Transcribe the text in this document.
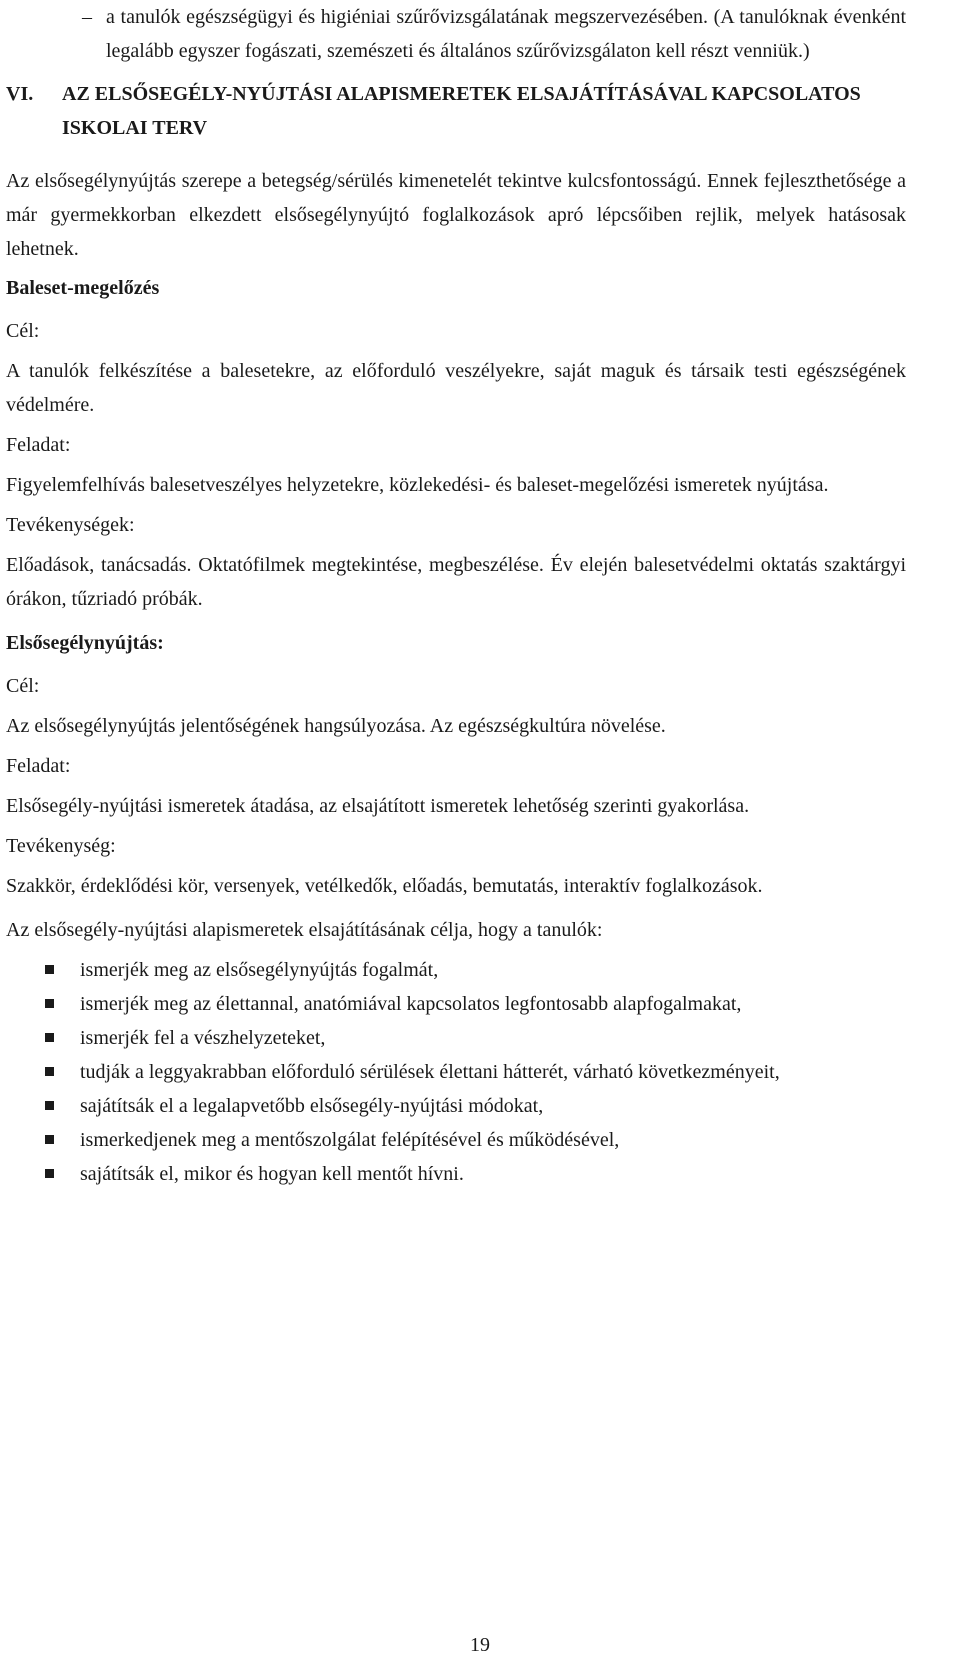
– a tanulók egészségügyi és higiéniai szűrővizsgálatának megszervezésében. (A tanulóknak évenként legalább egyszer fogászati, szemészeti és általános szűrővizsgálaton kell részt venniük.)

VI.	AZ ELSŐSEGÉLY-NYÚJTÁSI ALAPISMERETEK ELSAJÁTÍTÁSÁVAL KAPCSOLATOS ISKOLAI TERV

Az elsősegélynyújtás szerepe a betegség/sérülés kimenetelét tekintve kulcsfontosságú. Ennek fejleszthetősége a már gyermekkorban elkezdett elsősegélynyújtó foglalkozások apró lépcsőiben rejlik, melyek hatásosak lehetnek.

Baleset-megelőzés

Cél:

A tanulók felkészítése a balesetekre, az előforduló veszélyekre, saját maguk és társaik testi egészségének védelmére.

Feladat:

Figyelemfelhívás balesetveszélyes helyzetekre, közlekedési- és baleset-megelőzési ismeretek nyújtása.

Tevékenységek:

Előadások, tanácsadás. Oktatófilmek megtekintése, megbeszélése. Év elején balesetvédelmi oktatás szaktárgyi órákon, tűzriadó próbák.

Elsősegélynyújtás:

Cél:

Az elsősegélynyújtás jelentőségének hangsúlyozása. Az egészségkultúra növelése.

Feladat:

Elsősegély-nyújtási ismeretek átadása, az elsajátított ismeretek lehetőség szerinti gyakorlása.

Tevékenység:

Szakkör, érdeklődési kör, versenyek, vetélkedők, előadás, bemutatás, interaktív foglalkozások.

Az elsősegély-nyújtási alapismeretek elsajátításának célja, hogy a tanulók:

ismerjék meg az elsősegélynyújtás fogalmát,
ismerjék meg az élettannal, anatómiával kapcsolatos legfontosabb alapfogalmakat,
ismerjék fel a vészhelyzeteket,
tudják a leggyakrabban előforduló sérülések élettani hátterét, várható következményeit,
sajátítsák el a legalapvetőbb elsősegély-nyújtási módokat,
ismerkedjenek meg a mentőszolgálat felépítésével és működésével,
sajátítsák el, mikor és hogyan kell mentőt hívni.
19
